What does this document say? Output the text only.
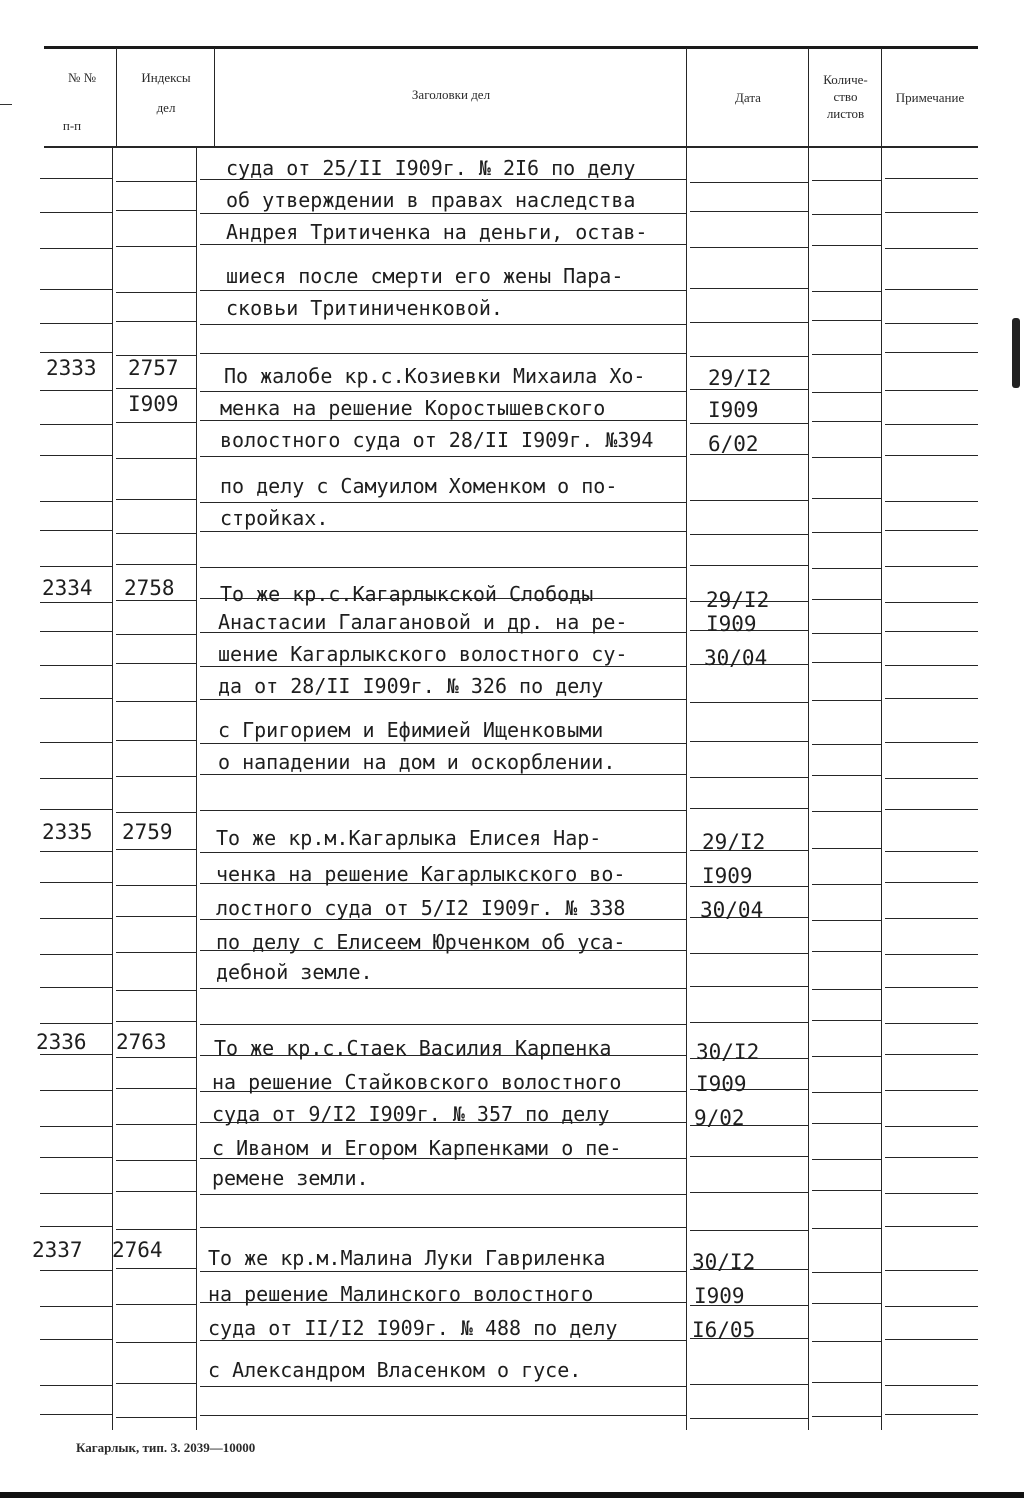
№ №
п-п
Индексы
дел
Заголовки дел	Дата
Количе-
ство
листов
Примечание
суда от 25/II I909г. № 2I6 по делу
об утверждении в правах наследства
Андрея Тритиченка на деньги, остав-
шиеся после смерти его жены Пара-
сковьи Тритиниченковой.
2333 2757
I909
По жалобе кр.с.Козиевки Михаила Хо-
менка на решение Коростышевского
волостного суда от 28/II I909г. №394
по делу с Самуилом Хоменком о по-
стройках.
29/I2
I909
6/02
2334 2758 То же кр.с.Кагарлыкской Слободы
Анастасии Галагановой и др. на ре-
шение Кагарлыкского волостного су-
да от 28/II I909г. № 326 по делу
с Григорием и Ефимией Ищенковыми
о нападении на дом и оскорблении.
29/I2
I909
30/04
2335 2759 То же кр.м.Кагарлыка Елисея Нар-
ченка на решение Кагарлыкского во-
лостного суда от 5/I2 I909г. № 338
по делу с Елисеем Юрченком об уса-
дебной земле.
29/I2
I909
30/04
2336 2763 То же кр.с.Стаек Василия Карпенка
на решение Стайковского волостного
суда от 9/I2 I909г. № 357 по делу
с Иваном и Егором Карпенками о пе-
ремене земли.
30/I2
I909
9/02
2337 2764 То же кр.м.Малина Луки Гавриленка
на решение Малинского волостного
суда от II/I2 I909г. № 488 по делу
с Александром Власенком о гусе.
30/I2
I909
I6/05
Кагарлык, тип. З. 2039—10000
